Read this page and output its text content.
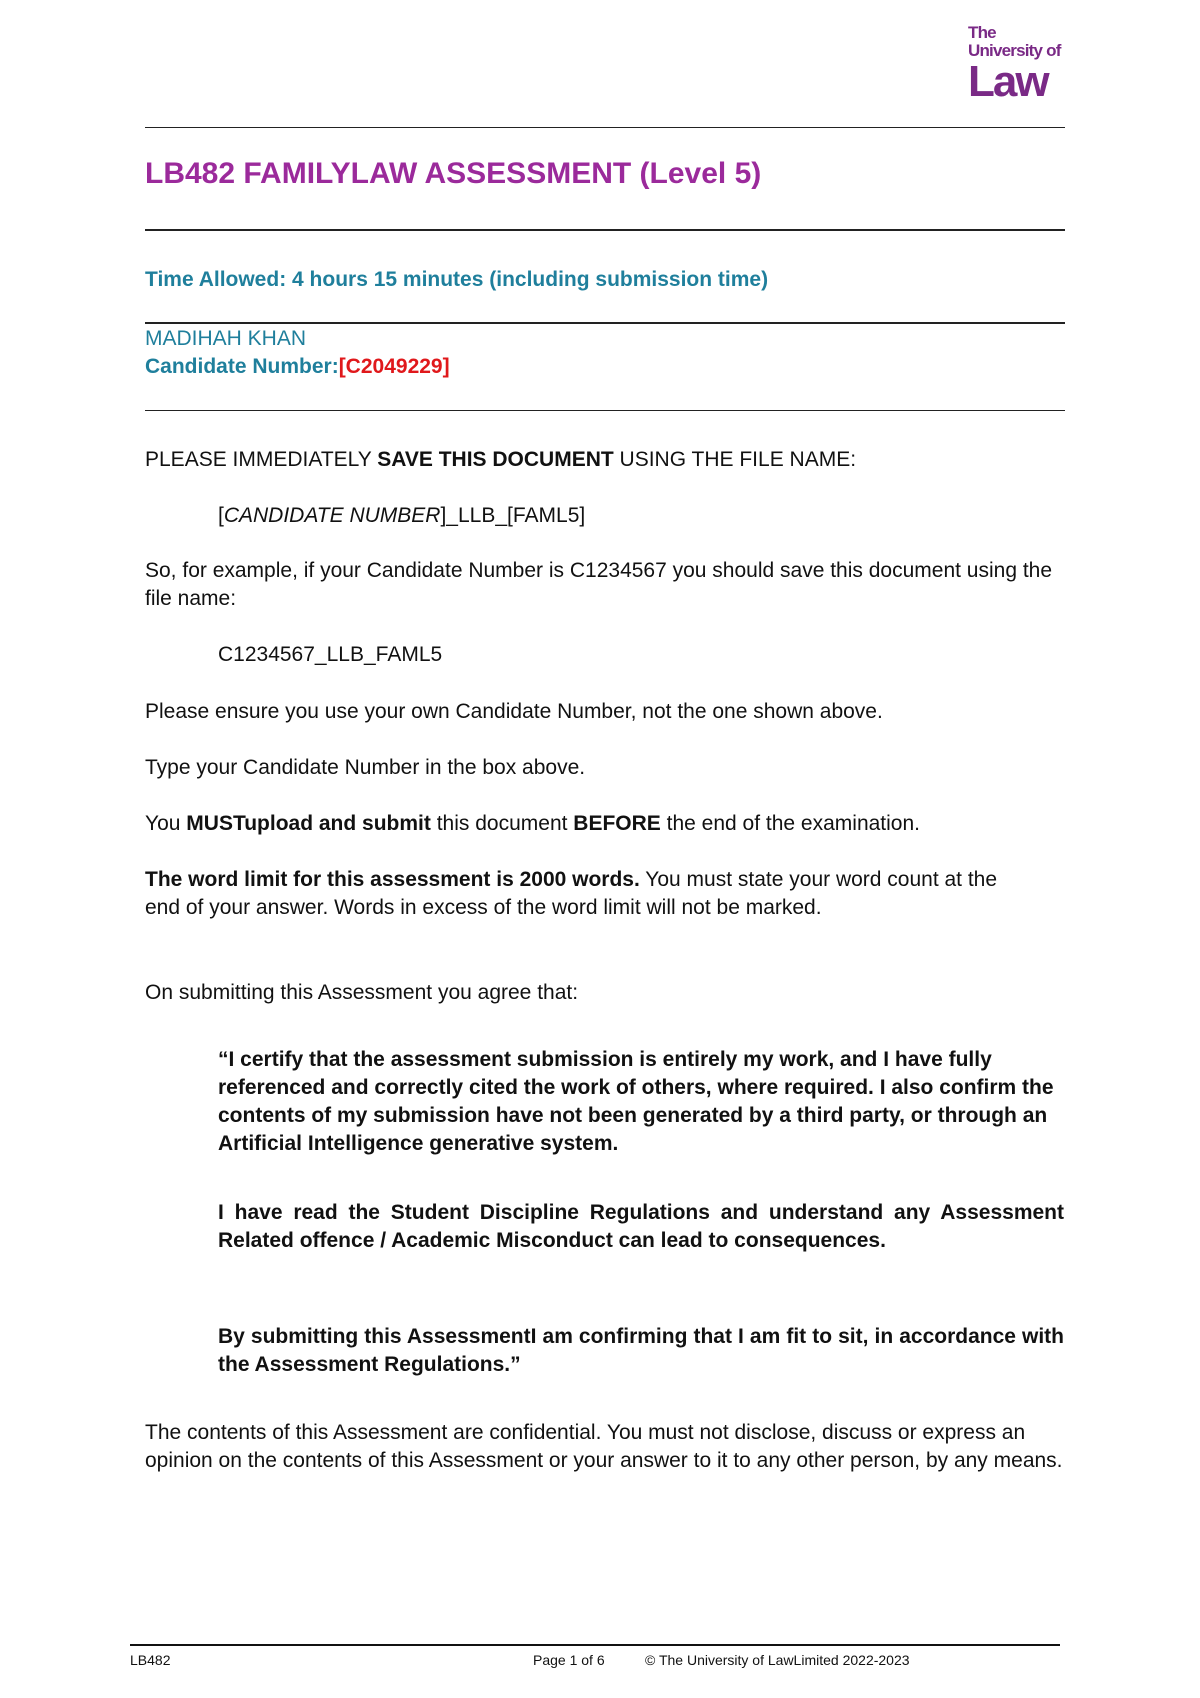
The
University of
Law
LB482 FAMILYLAW ASSESSMENT (Level 5)
Time Allowed: 4 hours 15 minutes (including submission time)
MADIHAH KHAN
Candidate Number:[C2049229]
PLEASE IMMEDIATELY SAVE THIS DOCUMENT USING THE FILE NAME:
[CANDIDATE NUMBER]_LLB_[FAML5]
So, for example, if your Candidate Number is C1234567 you should save this document using the file name:
C1234567_LLB_FAML5
Please ensure you use your own Candidate Number, not the one shown above.
Type your Candidate Number in the box above.
You MUSTupload and submit this document BEFORE the end of the examination.
The word limit for this assessment is 2000 words. You must state your word count at the end of your answer. Words in excess of the word limit will not be marked.
On submitting this Assessment you agree that:
“I certify that the assessment submission is entirely my work, and I have fully referenced and correctly cited the work of others, where required. I also confirm the contents of my submission have not been generated by a third party, or through an Artificial Intelligence generative system.
I have read the Student Discipline Regulations and understand any Assessment Related offence / Academic Misconduct can lead to consequences.
By submitting this AssessmentI am confirming that I am fit to sit, in accordance with the Assessment Regulations.”
The contents of this Assessment are confidential. You must not disclose, discuss or express an opinion on the contents of this Assessment or your answer to it to any other person, by any means.
LB482	Page 1 of 6	© The University of LawLimited 2022-2023
